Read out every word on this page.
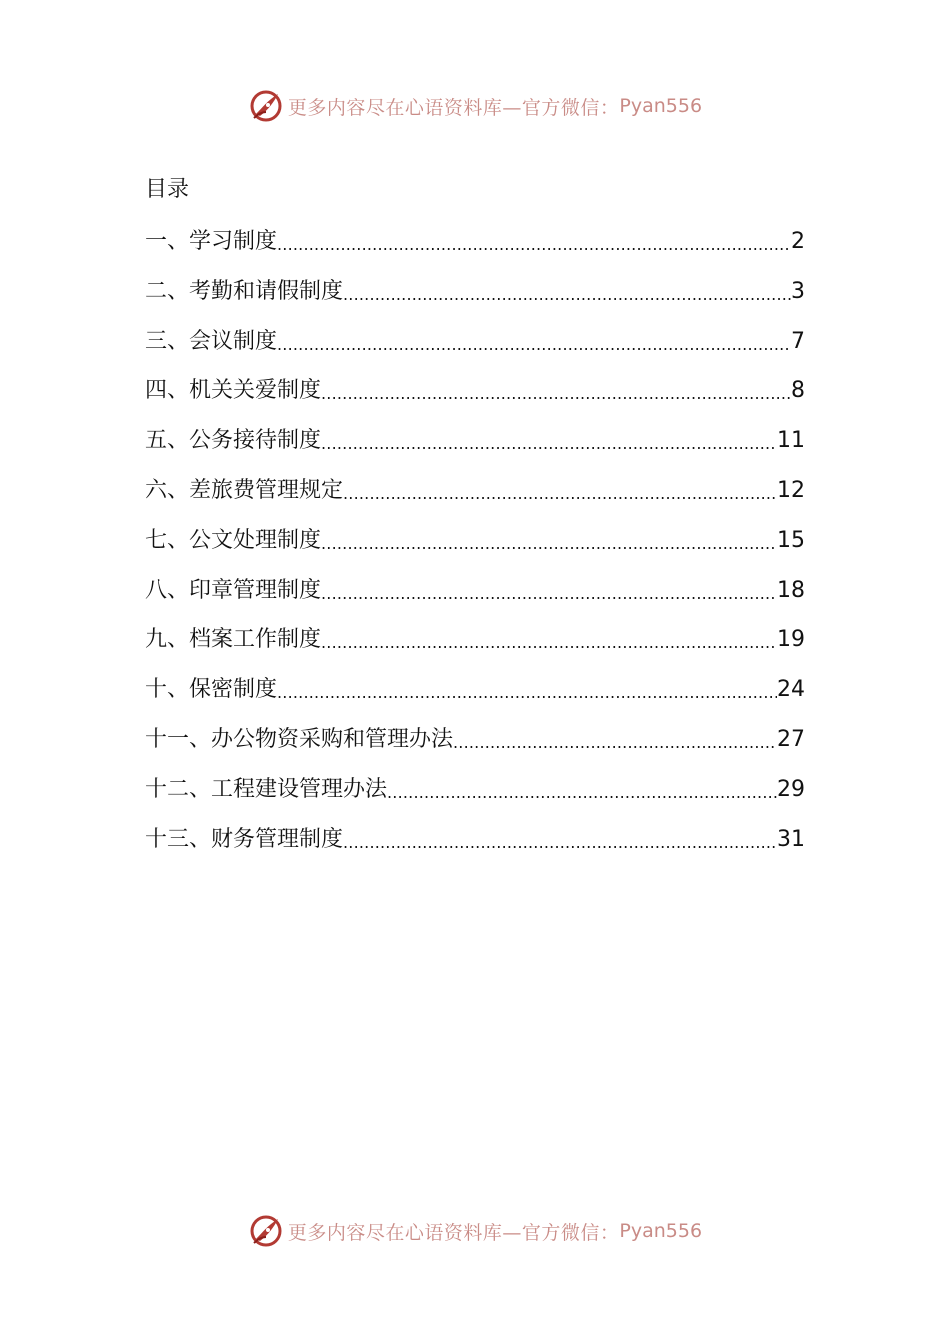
更多内容尽在心语资料库—官方微信： Pyan556
目录
一、学习制度 .....	2
二、考勤和请假制度 .....	3
三、会议制度 .....	7
四、机关关爱制度 .....	8
五、公务接待制度 .....	11
六、差旅费管理规定 .....	12
七、公文处理制度 .....	15
八、印章管理制度 .....	18
九、档案工作制度 .....	19
十、保密制度 .....	24
十一、办公物资采购和管理办法 .....	27
十二、工程建设管理办法 .....	29
十三、财务管理制度 .....	31
更多内容尽在心语资料库—官方微信： Pyan556
